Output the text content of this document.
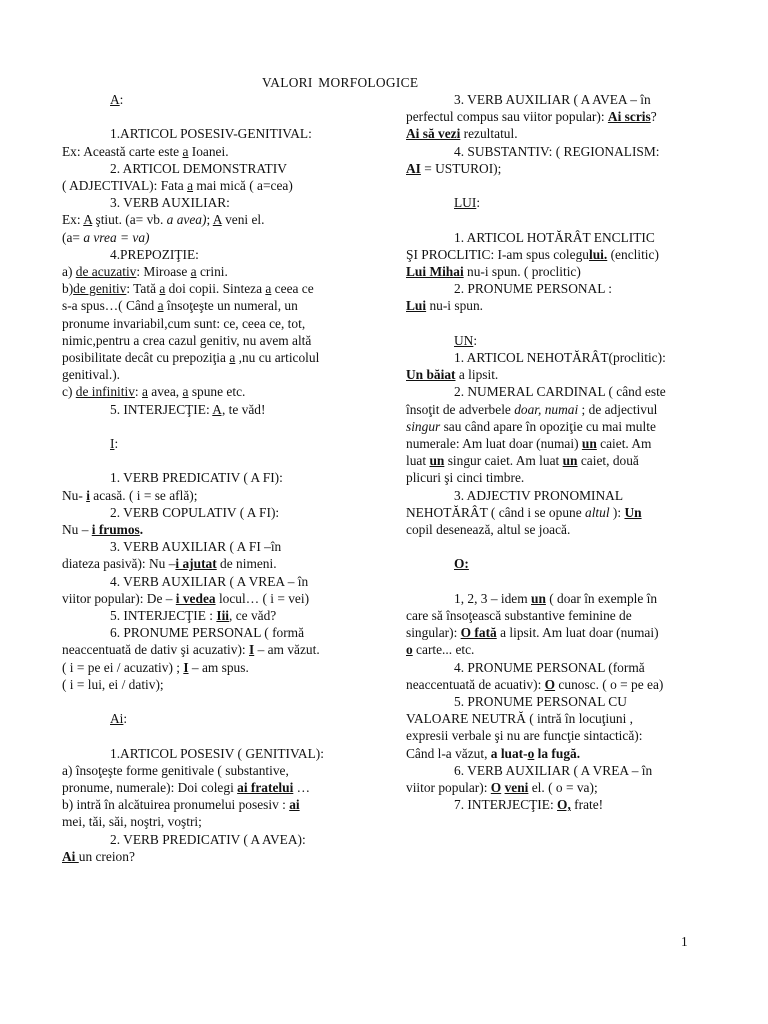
VALORI MORFOLOGICE
A:
1.ARTICOL POSESIV-GENITIVAL:
Ex: Această carte este a Ioanei.
2. ARTICOL DEMONSTRATIV
( ADJECTIVAL): Fata a mai mică ( a=cea)
3. VERB AUXILIAR:
Ex: A ştiut. (a= vb. a avea); A veni el.
(a= a vrea = va)
4.PREPOZIŢIE:
a) de acuzativ: Miroase a crini.
b)de genitiv: Tată a doi copii. Sinteza a ceea ce
s-a spus…( Când a însoţeşte un numeral, un
pronume invariabil,cum sunt: ce, ceea ce, tot,
nimic,pentru a crea cazul genitiv, nu avem altă
posibilitate decât cu prepoziţia a ,nu cu articolul
genitival.).
c) de infinitiv: a avea, a spune etc.
5. INTERJECŢIE: A, te văd!
I:
1. VERB PREDICATIV ( A FI):
Nu- i acasă. ( i = se află);
2. VERB COPULATIV ( A FI):
Nu – i frumos.
3. VERB AUXILIAR ( A FI –în
diateza pasivă): Nu –i ajutat de nimeni.
4. VERB AUXILIAR ( A VREA – în
viitor popular): De – i vedea locul… ( i = vei)
5. INTERJECŢIE : Iii, ce văd?
6. PRONUME PERSONAL ( formă
neaccentuată de dativ şi acuzativ): I – am văzut.
( i = pe ei / acuzativ) ; I – am spus.
( i = lui, ei / dativ);
Ai:
1.ARTICOL POSESIV ( GENITIVAL):
a) însoţeşte forme genitivale ( substantive,
pronume, numerale): Doi colegi ai fratelui …
b) intră în alcătuirea pronumelui posesiv : ai
mei, tăi, săi, noştri, voştri;
2. VERB PREDICATIV ( A AVEA):
Ai un creion?
3. VERB AUXILIAR ( A AVEA – în
perfectul compus sau viitor popular): Ai scris?
Ai să vezi rezultatul.
4. SUBSTANTIV: ( REGIONALISM:
AI = USTUROI);
LUI:
1. ARTICOL HOTĂRÂT ENCLITIC
ŞI PROCLITIC: I-am spus colegului. (enclitic)
Lui Mihai nu-i spun. ( proclitic)
2. PRONUME PERSONAL :
Lui nu-i spun.
UN:
1. ARTICOL NEHOTĂRÂT(proclitic):
Un băiat a lipsit.
2. NUMERAL CARDINAL ( când este
însoţit de adverbele doar, numai ; de adjectivul
singur sau când apare în opoziţie cu mai multe
numerale: Am luat doar (numai) un caiet. Am
luat un singur caiet. Am luat un caiet, două
plicuri şi cinci timbre.
3. ADJECTIV PRONOMINAL
NEHOTĂRÂT ( când i se opune altul ): Un
copil desenează, altul se joacă.
O:
1, 2, 3 – idem un ( doar în exemple în
care să însoţească substantive feminine de
singular): O fată a lipsit. Am luat doar (numai)
o carte... etc.
4. PRONUME PERSONAL (formă
neaccentuată de acuativ): O cunosc. ( o = pe ea)
5. PRONUME PERSONAL CU
VALOARE NEUTRĂ ( intră în locuţiuni ,
expresii verbale şi nu are funcţie sintactică):
Când l-a văzut, a luat-o la fugă.
6. VERB AUXILIAR ( A VREA – în
viitor popular): O veni el. ( o = va);
7. INTERJECŢIE: O, frate!
1
